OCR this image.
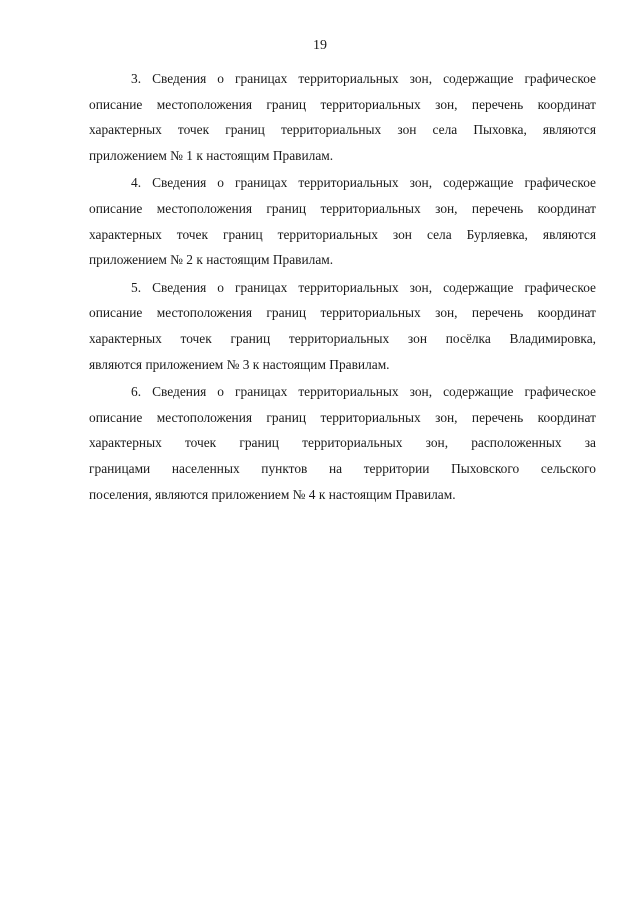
19

3. Сведения о границах территориальных зон, содержащие графическое
описание местоположения границ территориальных зон, перечень координат
характерных точек границ территориальных зон села Пыховка, являются
приложением № 1 к настоящим Правилам.

4. Сведения о границах территориальных зон, содержащие графическое
описание местоположения границ территориальных зон, перечень координат
характерных точек границ территориальных зон села Бурляевка, являются
приложением № 2 к настоящим Правилам.

5. Сведения о границах территориальных зон, содержащие графическое
описание местоположения границ территориальных зон, перечень координат
характерных точек границ территориальных зон посёлка Владимировка,
являются приложением № 3 к настоящим Правилам.

6. Сведения о границах территориальных зон, содержащие графическое
описание местоположения границ территориальных зон, перечень координат
характерных точек границ территориальных зон, расположенных за
границами населенных пунктов на территории Пыховского сельского
поселения, являются приложением № 4 к настоящим Правилам.
